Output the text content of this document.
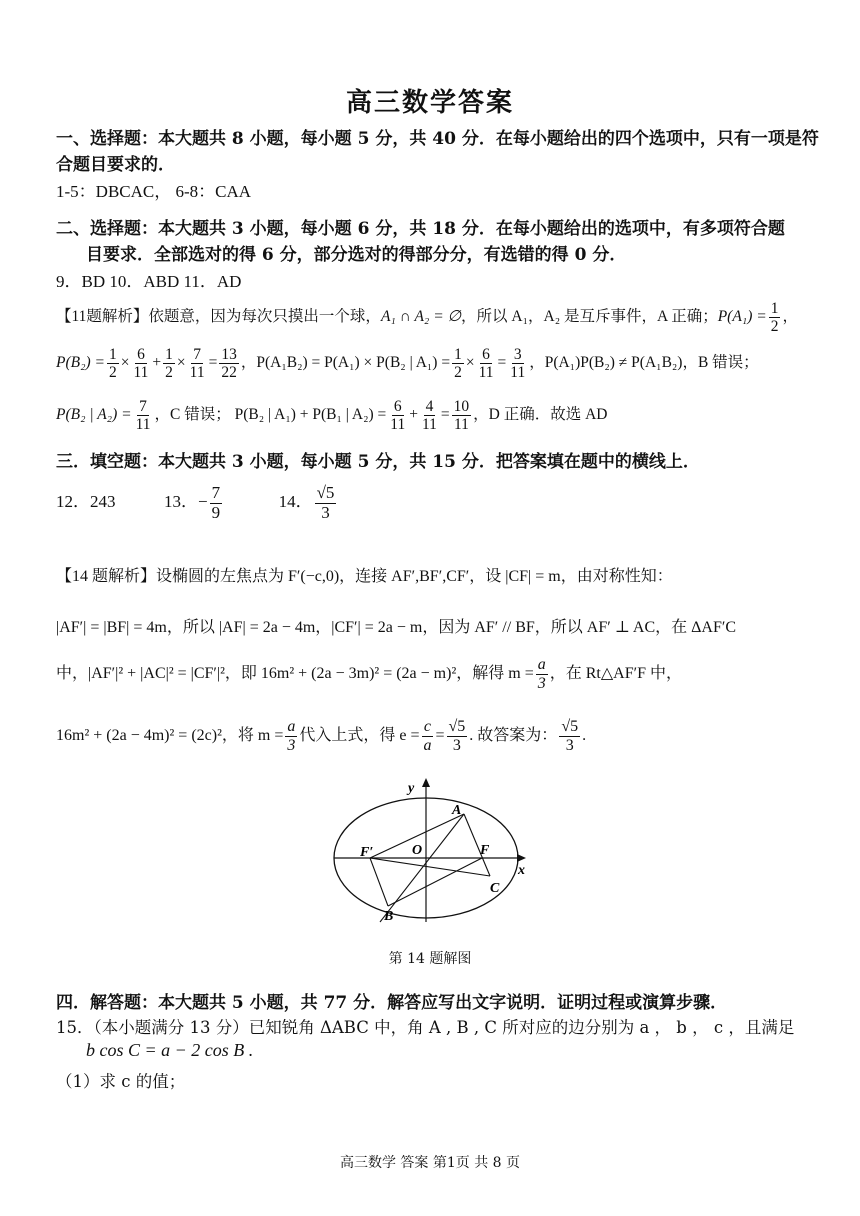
高三数学答案
一、选择题：本大题共 8 小题，每小题 5 分，共 40 分．在每小题给出的四个选项中，只有一项是符
合题目要求的．
1-5：DBCAC， 6-8：CAA
二、选择题：本大题共 3 小题，每小题 6 分，共 18 分．在每小题给出的选项中，有多项符合题
目要求．全部选对的得 6 分，部分选对的得部分分，有选错的得 0 分．
9．BD 10．ABD 11．AD
【11题解析】依题意，因为每次只摸出一个球，A₁ ∩ A₂ = ∅，所以 A₁，A₂ 是互斥事件，A 正确；$P(A_1) = \frac{1}{2}$ ，
$P(B_2) = \frac{1}{2} \times \frac{6}{11} + \frac{1}{2} \times \frac{7}{11} = \frac{13}{22}$ ，P(A₁B₂) = P(A₁) × P(B₂ | $A_1) = \frac{1}{2} \times \frac{6}{11} = \frac{3}{11}$ ，P(A₁)P(B₂) ≠ P(A₁B₂)，B 错误；
P(B₂ | $A_2) = \frac{7}{11}$ ，C 错误； P(B₂ | A₁) + P(B₁ | $A_2) = \frac{6}{11} + \frac{4}{11} = \frac{10}{11}$ ，D 正确．故选 AD
三．填空题：本大题共 3 小题，每小题 5 分，共 15 分．把答案填在题中的横线上．
12．243	13．− $\frac{7}{9}$	14． $\frac{√5}{3}$
【14 题解析】设椭圆的左焦点为 F′(−c,0)，连接 AF′,BF′,CF′，设 |CF| = m，由对称性知：
|AF′| = |BF| = 4m，所以 |AF| = 2a − 4m，|CF′| = 2a − m，因为 AF′ // BF，所以 AF′ ⊥ AC，在 ΔAF′C
中，|AF′|² + |AC|² = |CF′|²，即 16m² + (2a − 3m)² = (2a − m)²，解得 $m = \frac{a}{3}$ ，在 Rt△AF′F 中，
16m² + (2a − 4m)² = (2c)²，将 $m = \frac{a}{3}$ 代入上式，得 $e = \frac{c}{a} = \frac{√5}{3}$ . 故答案为： $\frac{√5}{3}$ .
y
x
O
A
B
C
F
F′
第 14 题解图
四．解答题：本大题共 5 小题，共 77 分．解答应写出文字说明．证明过程或演算步骤．
15．（本小题满分 13 分）已知锐角 ΔABC 中，角 A , B , C 所对应的边分别为 a ， b ， c ，且满足
b cos C = a − 2 cos B .
（1）求 c 的值；
高三数学 答案 第1页 共 8 页
